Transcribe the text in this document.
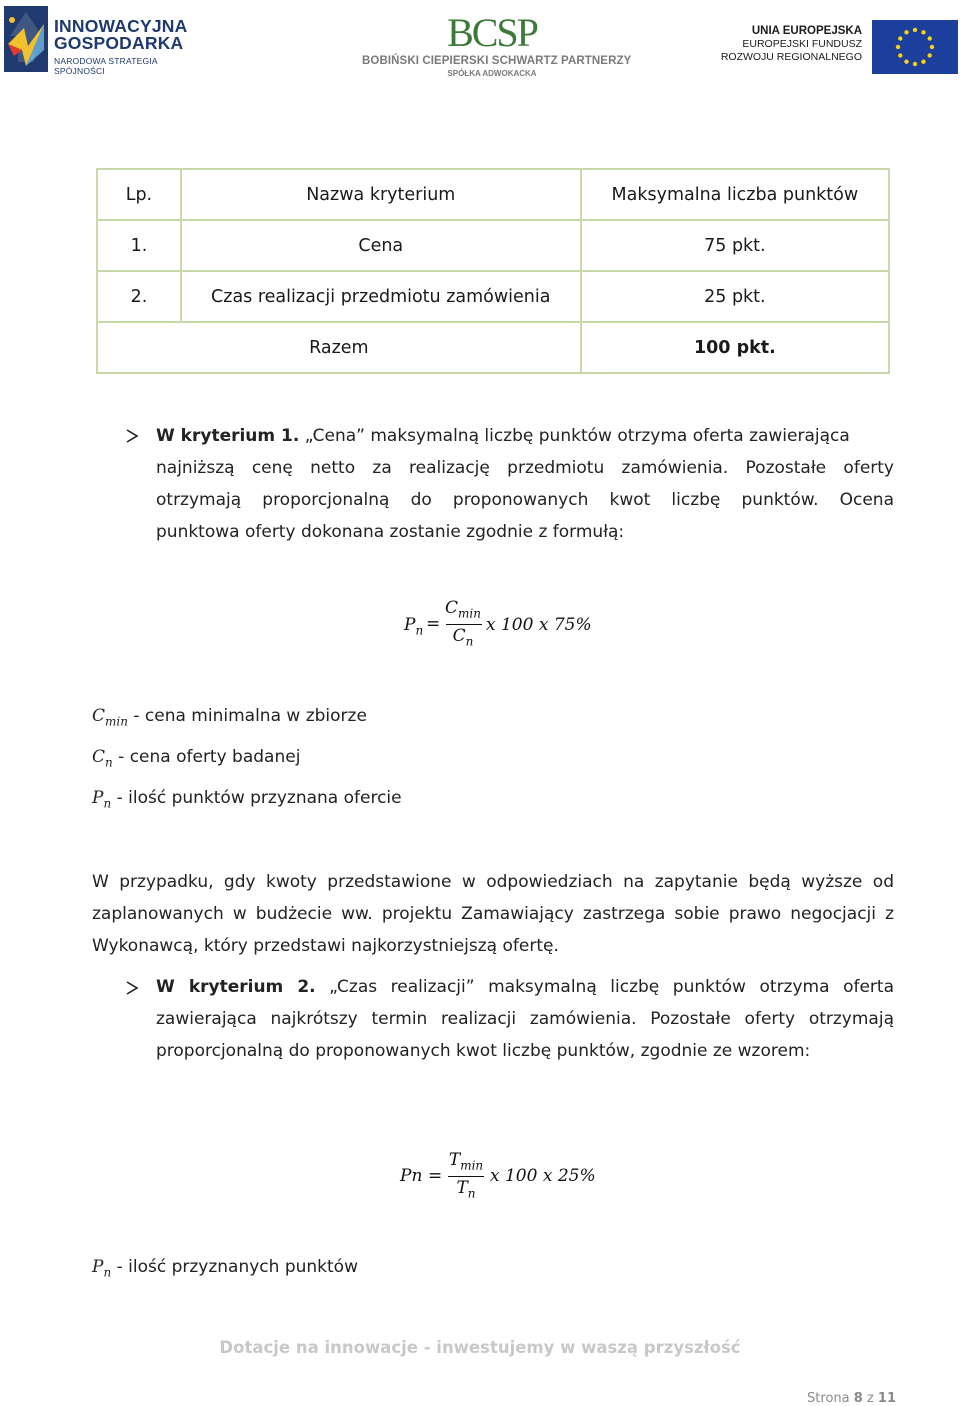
INNOWACYJNA
GOSPODARKA
NARODOWA STRATEGIA SPÓJNOŚCI
BCSP
BOBIŃSKI CIEPIERSKI SCHWARTZ PARTNERZY
SPÓŁKA ADWOKACKA
UNIA EUROPEJSKA
EUROPEJSKI FUNDUSZ
ROZWOJU REGIONALNEGO
Lp.	Nazwa kryterium	Maksymalna liczba punktów
1.	Cena	75 pkt.
2.	Czas realizacji przedmiotu zamówienia	25 pkt.
Razem		100 pkt.
W kryterium 1. „Cena” maksymalną liczbę punktów otrzyma oferta zawierająca
najniższą cenę netto za realizację przedmiotu zamówienia. Pozostałe oferty
otrzymają proporcjonalną do proponowanych kwot liczbę punktów. Ocena
punktowa oferty dokonana zostanie zgodnie z formułą:
$P_n$ =
$C_{min}$
$C_n$
x 100 x 75%
$C_{min}$ - cena minimalna w zbiorze
$C_n$ - cena oferty badanej
$P_n$ - ilość punktów przyznana ofercie
W przypadku, gdy kwoty przedstawione w odpowiedziach na zapytanie będą wyższe od
zaplanowanych w budżecie ww. projektu Zamawiający zastrzega sobie prawo negocjacji z
Wykonawcą, który przedstawi najkorzystniejszą ofertę.
W kryterium 2. „Czas realizacji” maksymalną liczbę punktów otrzyma oferta
zawierająca najkrótszy termin realizacji zamówienia. Pozostałe oferty otrzymają
proporcjonalną do proponowanych kwot liczbę punktów, zgodnie ze wzorem:
Pn =
$T_{min}$
$T_n$
x 100 x 25%
$P_n$ - ilość przyznanych punktów
Dotacje na innowacje - inwestujemy w waszą przyszłość
Strona 8 z 11
